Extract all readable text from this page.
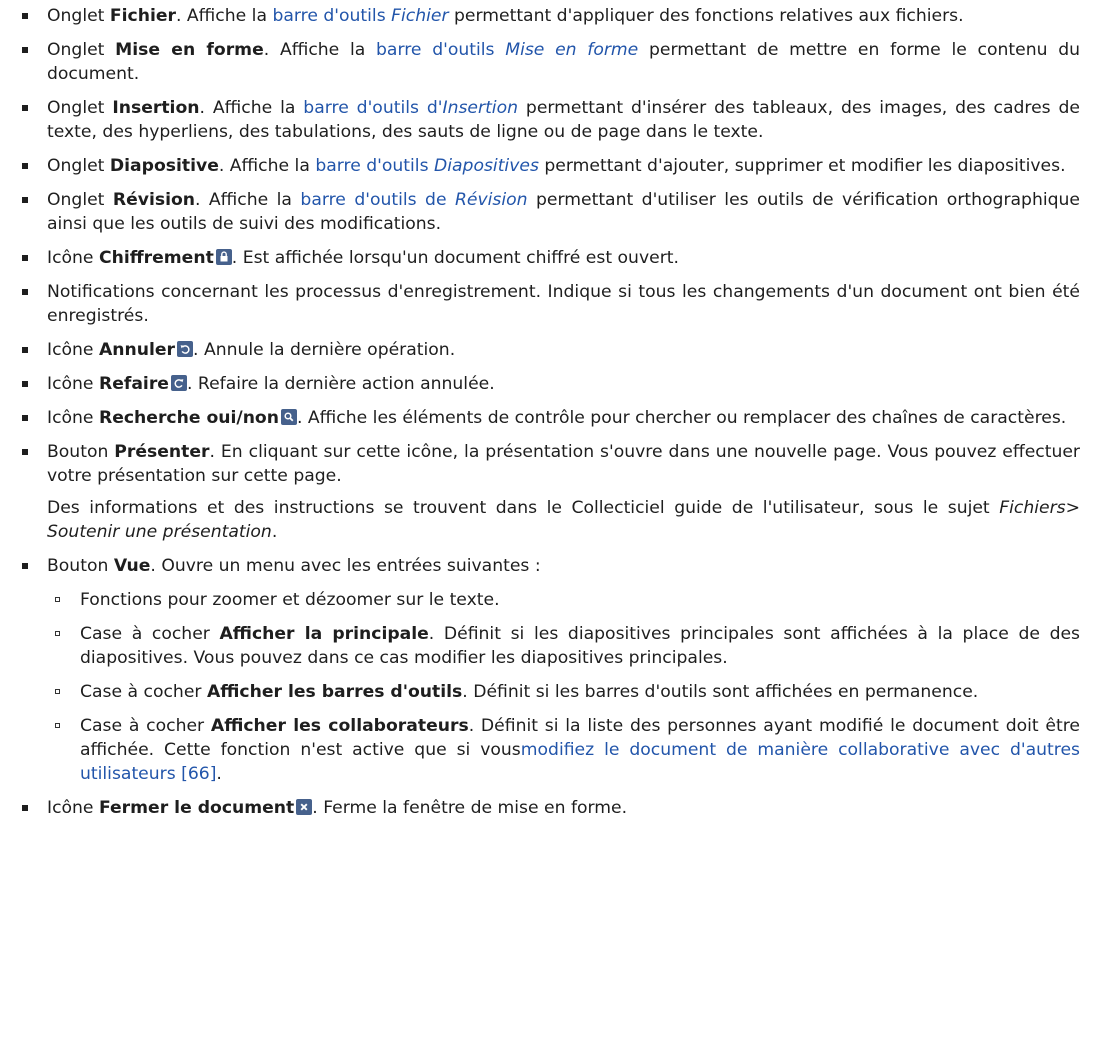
Onglet Fichier. Affiche la barre d'outils Fichier permettant d'appliquer des fonctions relatives aux fichiers.
Onglet Mise en forme. Affiche la barre d'outils Mise en forme permettant de mettre en forme le contenu du document.
Onglet Insertion. Affiche la barre d'outils d'Insertion permettant d'insérer des tableaux, des images, des cadres de texte, des hyperliens, des tabulations, des sauts de ligne ou de page dans le texte.
Onglet Diapositive. Affiche la barre d'outils Diapositives permettant d'ajouter, supprimer et modifier les diapositives.
Onglet Révision. Affiche la barre d'outils de Révision permettant d'utiliser les outils de vérification orthographique ainsi que les outils de suivi des modifications.
Icône Chiffrement . Est affichée lorsqu'un document chiffré est ouvert.
Notifications concernant les processus d'enregistrement. Indique si tous les changements d'un document ont bien été enregistrés.
Icône Annuler . Annule la dernière opération.
Icône Refaire . Refaire la dernière action annulée.
Icône Recherche oui/non . Affiche les éléments de contrôle pour chercher ou remplacer des chaînes de caractères.
Bouton Présenter. En cliquant sur cette icône, la présentation s'ouvre dans une nouvelle page. Vous pouvez effectuer votre présentation sur cette page.
Des informations et des instructions se trouvent dans le Collecticiel guide de l'utilisateur, sous le sujet Fichiers> Soutenir une présentation.
Bouton Vue. Ouvre un menu avec les entrées suivantes :
Fonctions pour zoomer et dézoomer sur le texte.
Case à cocher Afficher la principale. Définit si les diapositives principales sont affichées à la place de des diapositives. Vous pouvez dans ce cas modifier les diapositives principales.
Case à cocher Afficher les barres d'outils. Définit si les barres d'outils sont affichées en permanence.
Case à cocher Afficher les collaborateurs. Définit si la liste des personnes ayant modifié le document doit être affichée. Cette fonction n'est active que si vousmodifiez le document de manière collaborative avec d'autres utilisateurs [66].
Icône Fermer le document . Ferme la fenêtre de mise en forme.
